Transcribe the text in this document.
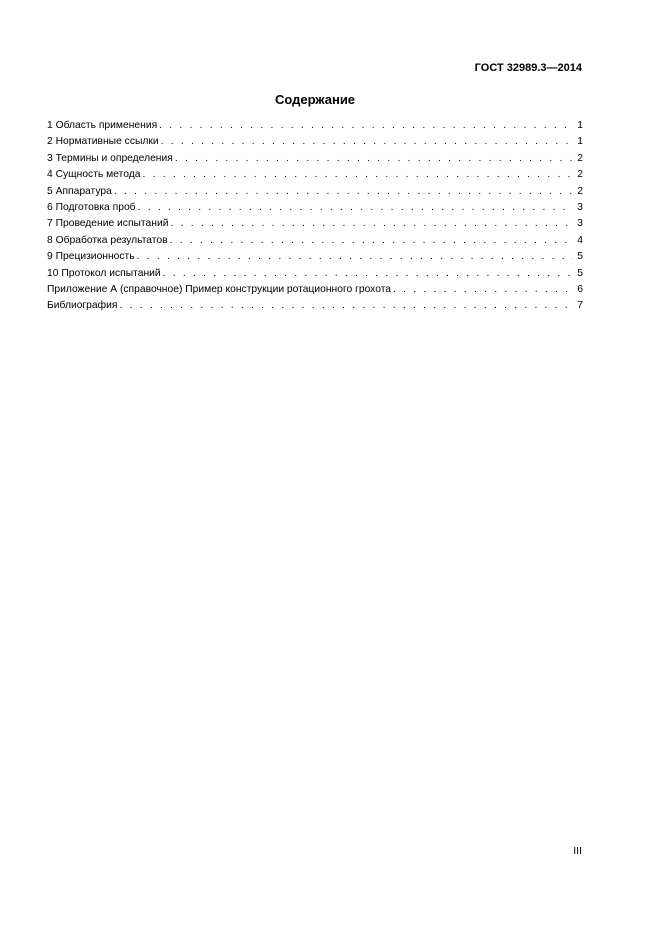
ГОСТ 32989.3—2014
Содержание
1 Область применения . . .	1
2 Нормативные ссылки . . .	1
3 Термины и определения . . .	2
4 Сущность метода . . .	2
5 Аппаратура . . .	2
6 Подготовка проб . . .	3
7 Проведение испытаний . . .	3
8 Обработка результатов . . .	4
9 Прецизионность . . .	5
10 Протокол испытаний . . .	5
Приложение А (справочное) Пример конструкции ротационного грохота . . .	6
Библиография . . .	7
III
